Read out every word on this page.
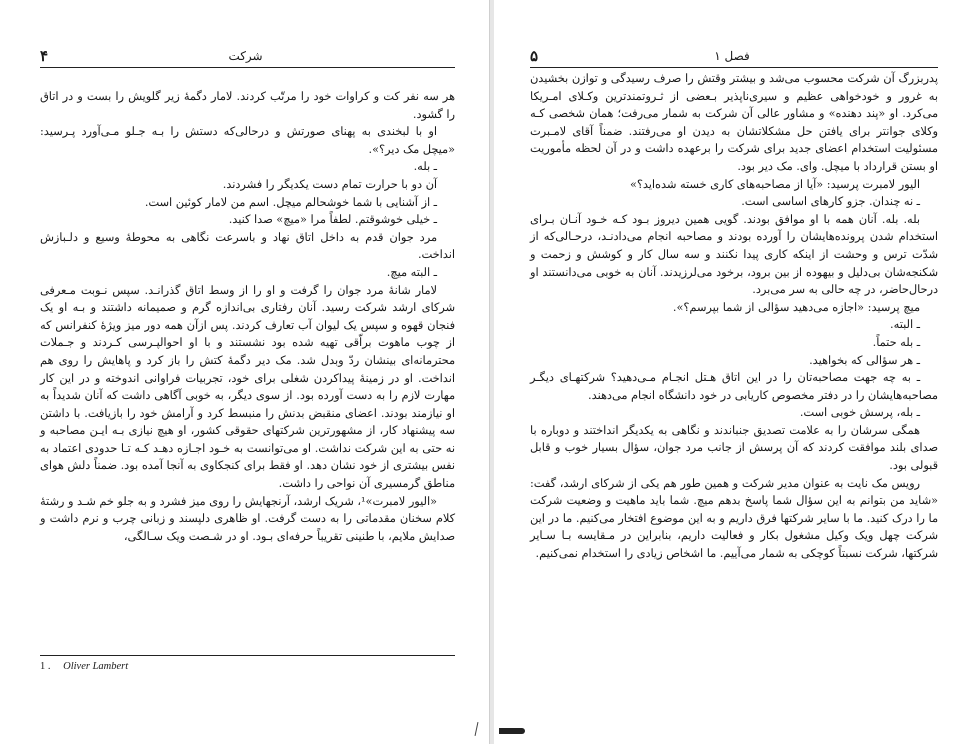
۴	شرکت

هر سه نفر کت و کراوات خود را مرتّب کردند. لامار دگمهٔ زیر گلویش را بست و در اتاق را گشود.

او با لبخندی به پهنای صورتش و درحالی‌که دستش را بـه جـلو مـی‌آورد پـرسید: «میچل مک دیر؟».

ـ بله.

آن دو با حرارت تمام دست یکدیگر را فشردند.

ـ از آشنایی با شما خوشحالم میچل. اسم من لامار کوئین است.

ـ خیلی خوشوقتم. لطفاً مرا «میچ» صدا کنید.

مرد جوان قدم به داخل اتاق نهاد و باسرعت نگاهی به محوطهٔ وسیع و دلـبازش انداخت.

ـ البته میچ.

لامار شانهٔ مرد جوان را گرفت و او را از وسط اتاق گذرانـد. سپس نـوبت مـعرفی شرکای ارشد شرکت رسید. آنان رفتاری بی‌اندازه گرم و صمیمانه داشتند و بـه او یک فنجان قهوه و سپس یک لیوان آب تعارف کردند. پس ازآن همه دور میز ویژهٔ کنفرانس که از چوب ماهوت براّقی تهیه شده بود نشستند و با او احوالپـرسی کـردند و جـملات محترمانه‌ای بینشان ردّ وبدل شد. مک دیر دگمهٔ کتش را باز کرد و پاهایش را روی هم انداخت. او در زمینهٔ پیداکردن شغلی برای خود، تجربیات فراوانی اندوخته و در این کار مهارت لازم را به دست آورده بود. از سوی دیگر، به خوبی آگاهی داشت که آنان شدیداً به او نیازمند بودند. اعضای منقبض بدنش را منبسط کرد و آرامش خود را بازیافت. با داشتن سه پیشنهاد کار، از مشهورترین شرکتهای حقوقی کشور، او هیچ نیازی بـه ایـن مصاحبه و نه حتی به این شرکت نداشت. او می‌توانست به خـود اجـازه دهـد کـه تـا حدودی اعتماد به نفس بیشتری از خود نشان دهد. او فقط برای کنجکاوی به آنجا آمده بود. ضمناً دلش هوای مناطق گرمسیری آن نواحی را داشت.

«الیور لامبرت»¹، شریک ارشد، آرنجهایش را روی میز فشرد و به جلو خم شـد و رشتهٔ کلام سخنان مقدماتی را به دست گرفت. او ظاهری دلپسند و زبانی چرب و نرم داشت و صدایش ملایم، با طنینی تقریباً حرفه‌ای بـود. او در شـصت ویک سـالگی،

1 . Oliver Lambert
۵	فصل ۱

پدربزرگ آن شرکت محسوب می‌شد و بیشتر وقتش را صرف رسیدگی و توازن بخشیدن به غرور و خودخواهی عظیم و سیری‌ناپذیر بـعضی از ثـروتمندترین وکـلای امـریکا می‌کرد. او «پند دهنده» و مشاور عالی آن شرکت به شمار می‌رفت؛ همان شخصی کـه وکلای جوانتر برای یافتن حل مشکلاتشان به دیدن او می‌رفتند. ضمناً آقای لامـبرت مسئولیت استخدام اعضای جدید برای شرکت را برعهده داشت و در آن لحظه مأموریت او بستن قرارداد با میچل. وای. مک دیر بود.

الیور لامبرت پرسید: «آیا از مصاحبه‌های کاری خسته شده‌اید؟»

ـ نه چندان. جزو کارهای اساسی است.

بله. بله. آنان همه با او موافق بودند. گویی همین دیروز بـود کـه خـود آنـان بـرای استخدام شدن پرونده‌هایشان را آورده بودند و مصاحبه انجام می‌دادنـد، درحـالی‌که از شدّت ترس و وحشت از اینکه کاری پیدا نکنند و سه سال کار و کوشش و زحمت و شکنجه‌شان بی‌دلیل و بیهوده از بین برود، برخود می‌لرزیدند. آنان به خوبی می‌دانستند او درحال‌حاضر، در چه حالی به سر می‌برد.

میچ پرسید: «اجازه می‌دهید سؤالی از شما بپرسم؟».

ـ البته.

ـ بله حتماً.

ـ هر سؤالی که بخواهید.

ـ به چه جهت مصاحبه‌تان را در این اتاق هـتل انجـام مـی‌دهید؟ شرکتهـای دیگـر مصاحبه‌هایشان را در دفتر مخصوص کاریابی در خود دانشگاه انجام می‌دهند.

ـ بله، پرسش خوبی است.

همگی سرشان را به علامت تصدیق جنباندند و نگاهی به یکدیگر انداختند و دوباره با صدای بلند موافقت کردند که آن پرسش از جانب مرد جوان، سؤال بسیار خوب و قابل قبولی بود.

رویس مک نایت به عنوان مدیر شرکت و همین طور هم یکی از شرکای ارشد، گفت: «شاید من بتوانم به این سؤال شما پاسخ بدهم میچ. شما باید ماهیت و وضعیت شرکت ما را درک کنید. ما با سایر شرکتها فرق داریم و به این موضوع افتخار می‌کنیم. ما در این شرکت چهل ویک وکیل مشغول بکار و فعالیت داریم، بنابراین در مـقایسه بـا سـایر شرکتها، شرکت نسبتاً کوچکی به شمار می‌آییم. ما اشخاص زیادی را استخدام نمی‌کنیم.
